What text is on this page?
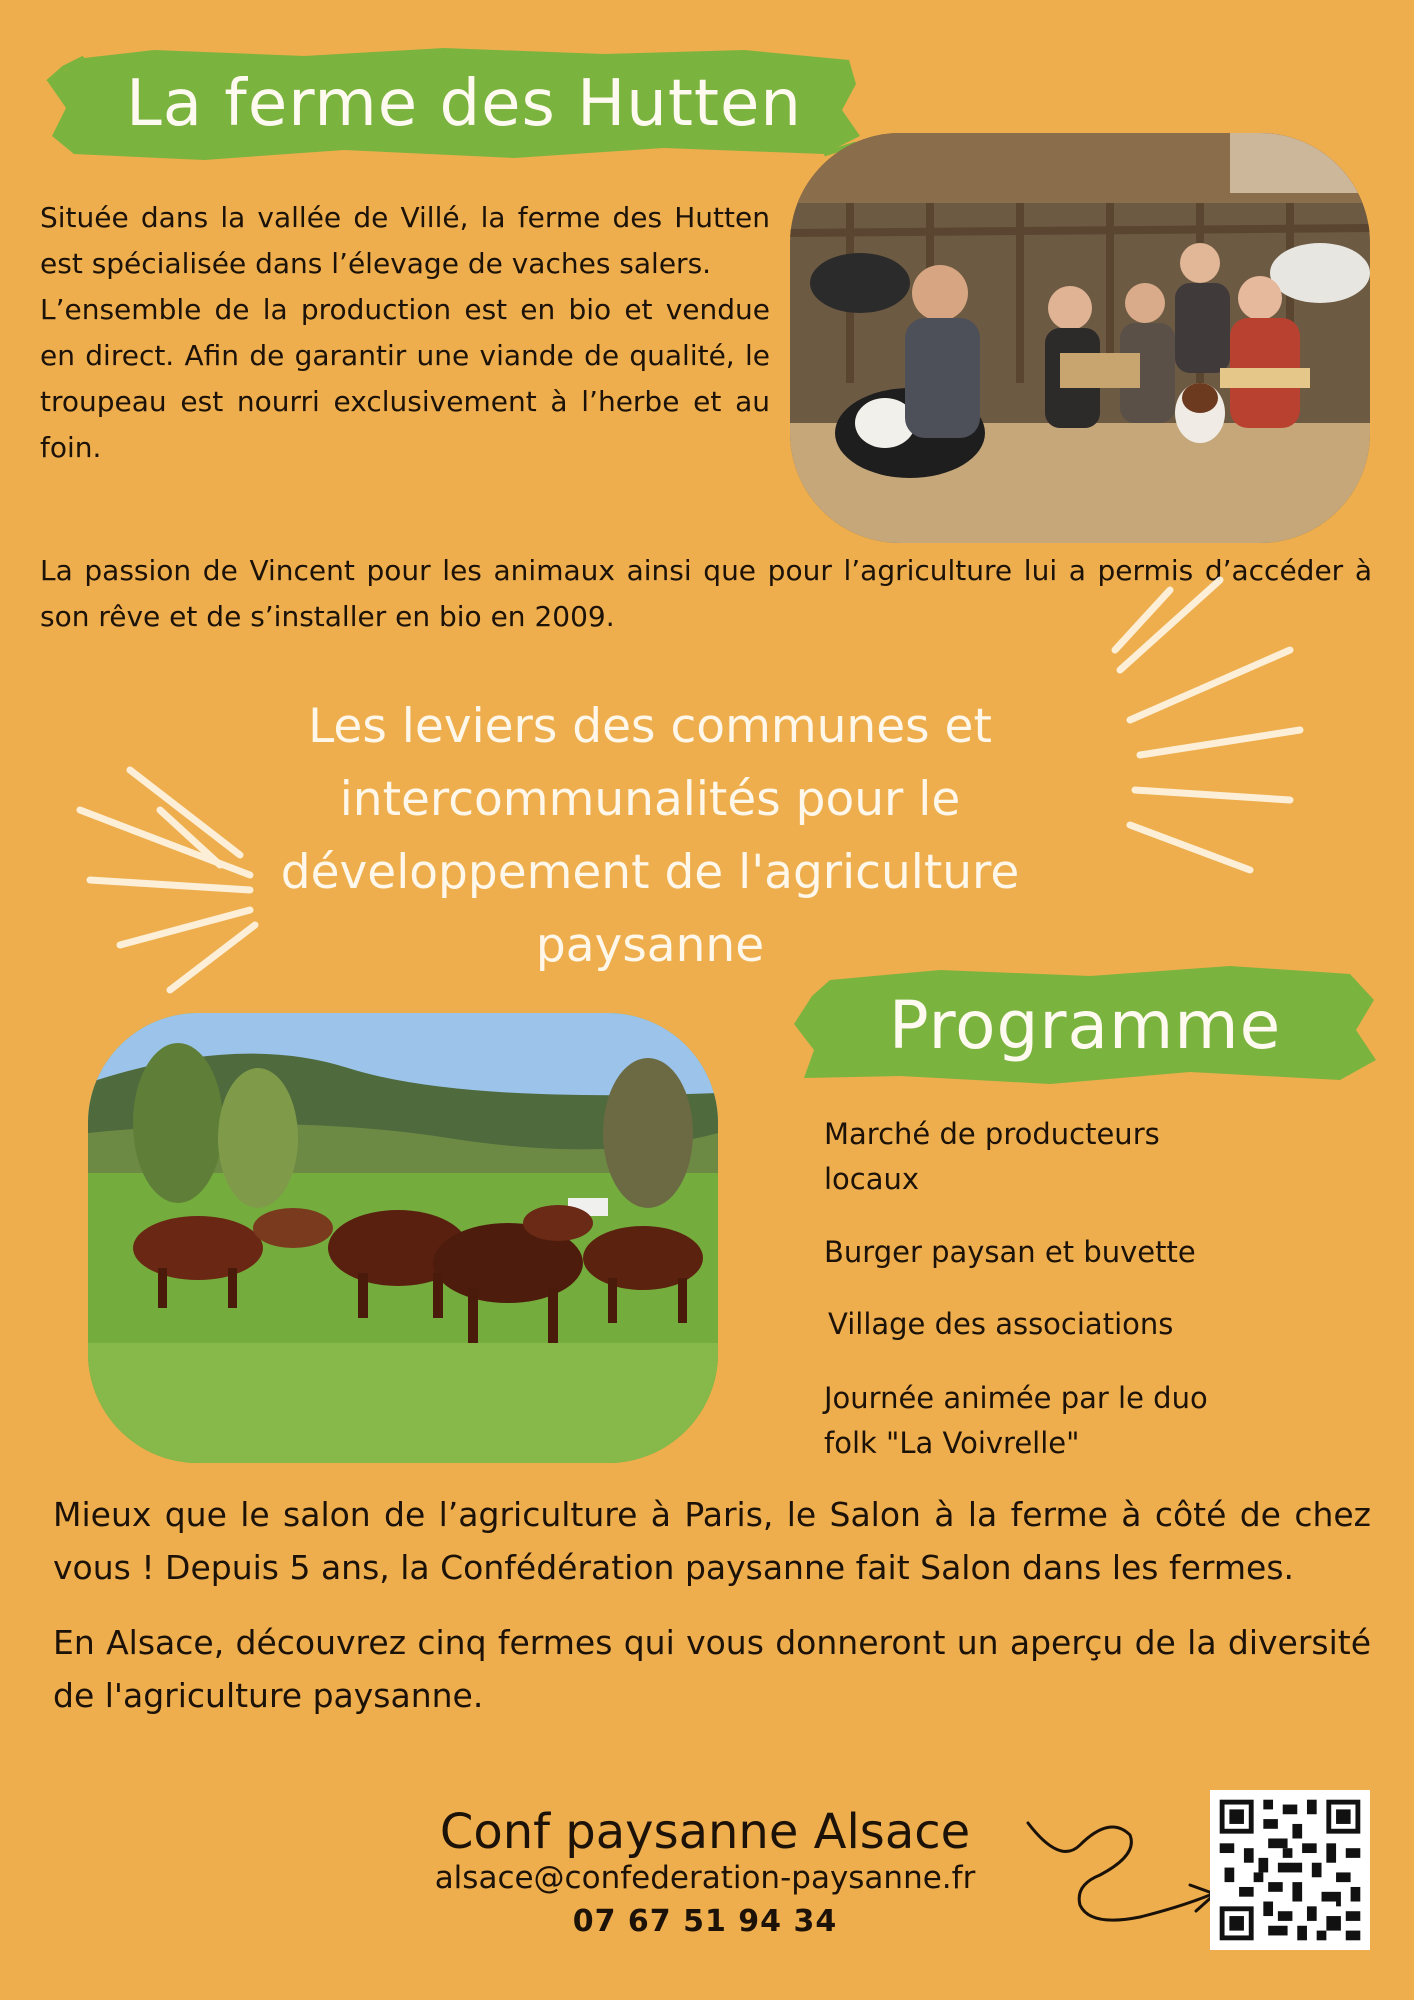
La ferme des Hutten

Située dans la vallée de Villé, la ferme des Hutten est spécialisée dans l’élevage de vaches salers.

L’ensemble de la production est en bio et vendue en direct. Afin de garantir une viande de qualité, le troupeau est nourri exclusivement à l’herbe et au foin.

La passion de Vincent pour les animaux ainsi que pour l’agriculture lui a permis d’accéder à son rêve et de s’installer en bio en 2009.

Les leviers des communes et
intercommunalités pour le
développement de l'agriculture
paysanne
Programme
Marché de producteurs
locaux
Burger paysan et buvette
Village des associations
Journée animée par le duo
folk "La Voivrelle"

Mieux que le salon de l’agriculture à Paris, le Salon à la ferme à côté de chez vous ! Depuis 5 ans, la Confédération paysanne fait Salon dans les fermes.

En Alsace, découvrez cinq fermes qui vous donneront un aperçu de la diversité de l'agriculture paysanne.

Conf paysanne Alsace
alsace@confederation-paysanne.fr
07 67 51 94 34
